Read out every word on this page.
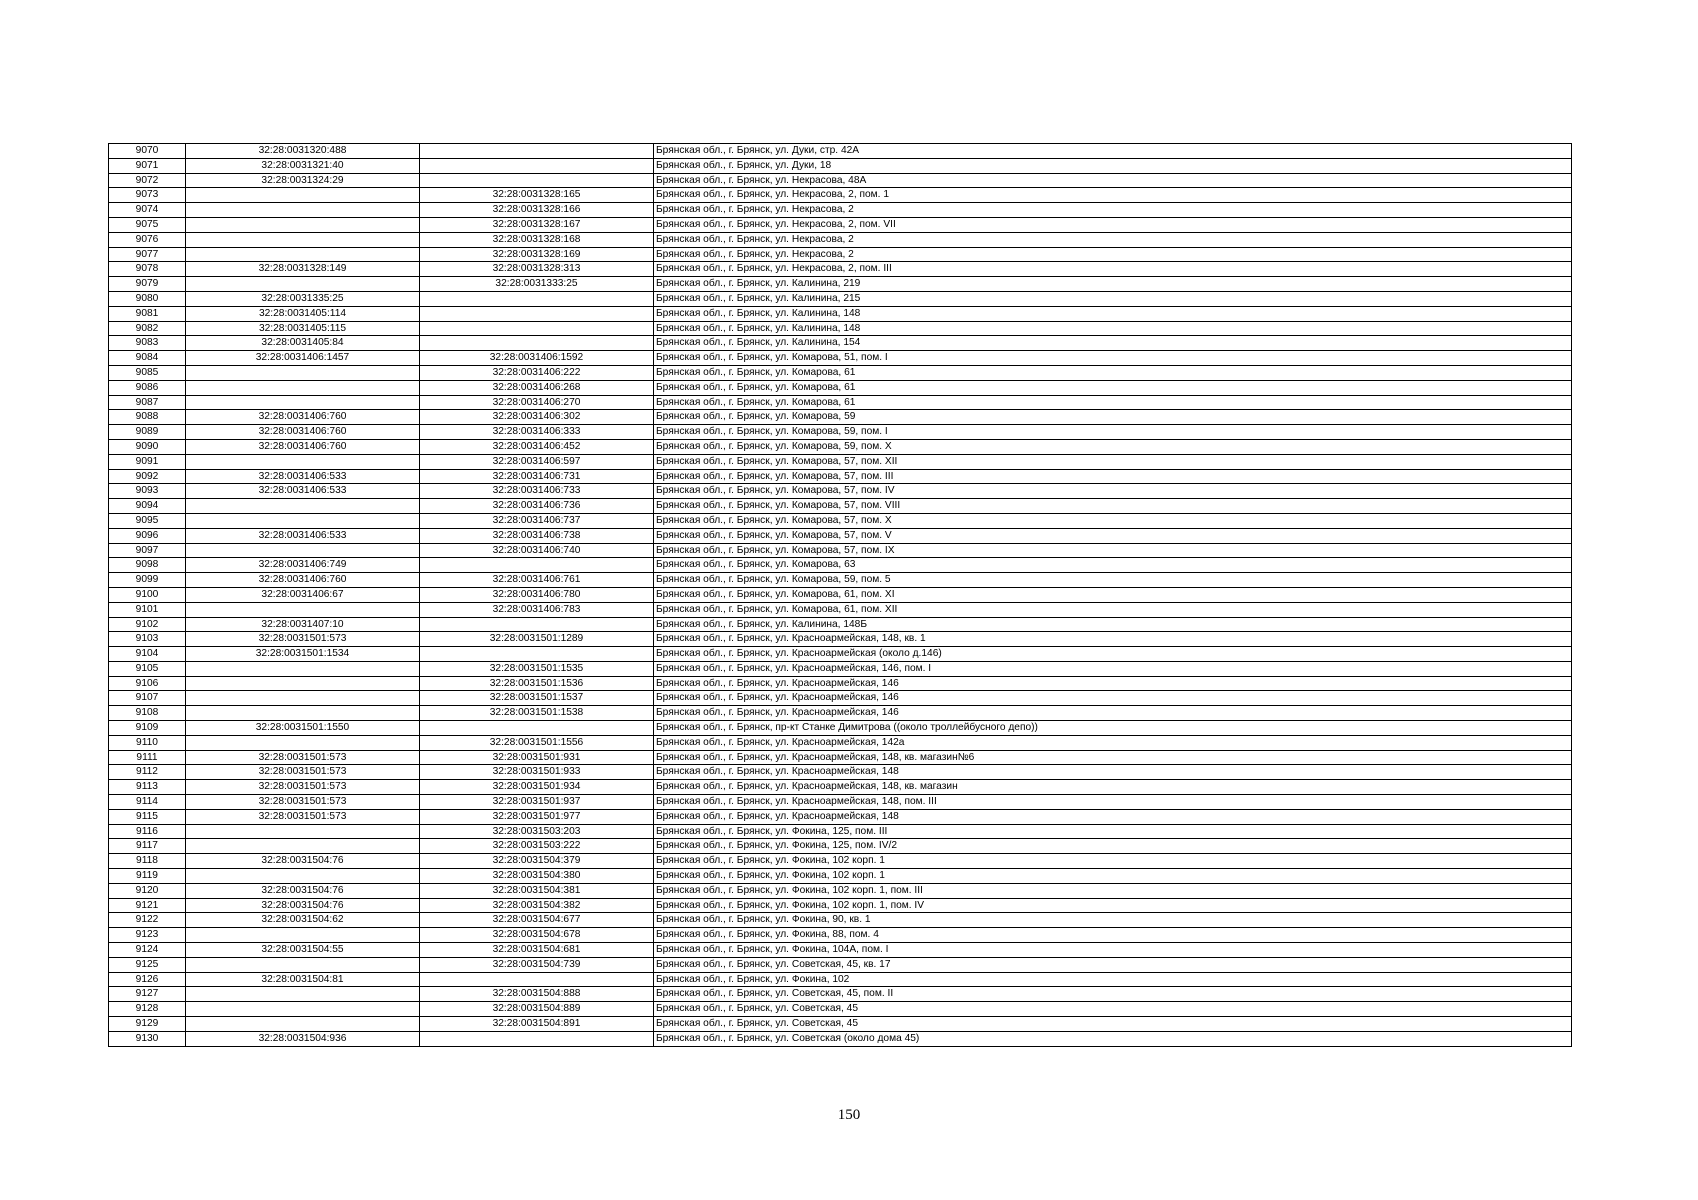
9070	32:28:0031320:488		Брянская обл., г. Брянск, ул. Дуки, стр. 42А
9071	32:28:0031321:40		Брянская обл., г. Брянск, ул. Дуки, 18
9072	32:28:0031324:29		Брянская обл., г. Брянск, ул. Некрасова, 48А
9073		32:28:0031328:165	Брянская обл., г. Брянск, ул. Некрасова, 2, пом. 1
9074		32:28:0031328:166	Брянская обл., г. Брянск, ул. Некрасова, 2
9075		32:28:0031328:167	Брянская обл., г. Брянск, ул. Некрасова, 2, пом. VII
9076		32:28:0031328:168	Брянская обл., г. Брянск, ул. Некрасова, 2
9077		32:28:0031328:169	Брянская обл., г. Брянск, ул. Некрасова, 2
9078	32:28:0031328:149	32:28:0031328:313	Брянская обл., г. Брянск, ул. Некрасова, 2, пом. III
9079		32:28:0031333:25	Брянская обл., г. Брянск, ул. Калинина, 219
9080	32:28:0031335:25		Брянская обл., г. Брянск, ул. Калинина, 215
9081	32:28:0031405:114		Брянская обл., г. Брянск, ул. Калинина, 148
9082	32:28:0031405:115		Брянская обл., г. Брянск, ул. Калинина, 148
9083	32:28:0031405:84		Брянская обл., г. Брянск, ул. Калинина, 154
9084	32:28:0031406:1457	32:28:0031406:1592	Брянская обл., г. Брянск, ул. Комарова, 51, пом. I
9085		32:28:0031406:222	Брянская обл., г. Брянск, ул. Комарова, 61
9086		32:28:0031406:268	Брянская обл., г. Брянск, ул. Комарова, 61
9087		32:28:0031406:270	Брянская обл., г. Брянск, ул. Комарова, 61
9088	32:28:0031406:760	32:28:0031406:302	Брянская обл., г. Брянск, ул. Комарова, 59
9089	32:28:0031406:760	32:28:0031406:333	Брянская обл., г. Брянск, ул. Комарова, 59, пом. I
9090	32:28:0031406:760	32:28:0031406:452	Брянская обл., г. Брянск, ул. Комарова, 59, пом. X
9091		32:28:0031406:597	Брянская обл., г. Брянск, ул. Комарова, 57, пом. XII
9092	32:28:0031406:533	32:28:0031406:731	Брянская обл., г. Брянск, ул. Комарова, 57, пом. III
9093	32:28:0031406:533	32:28:0031406:733	Брянская обл., г. Брянск, ул. Комарова, 57, пом. IV
9094		32:28:0031406:736	Брянская обл., г. Брянск, ул. Комарова, 57, пом. VIII
9095		32:28:0031406:737	Брянская обл., г. Брянск, ул. Комарова, 57, пом. X
9096	32:28:0031406:533	32:28:0031406:738	Брянская обл., г. Брянск, ул. Комарова, 57, пом. V
9097		32:28:0031406:740	Брянская обл., г. Брянск, ул. Комарова, 57, пом. IX
9098	32:28:0031406:749		Брянская обл., г. Брянск, ул. Комарова, 63
9099	32:28:0031406:760	32:28:0031406:761	Брянская обл., г. Брянск, ул. Комарова, 59, пом. 5
9100	32:28:0031406:67	32:28:0031406:780	Брянская обл., г. Брянск, ул. Комарова, 61, пом. XI
9101		32:28:0031406:783	Брянская обл., г. Брянск, ул. Комарова, 61, пом. XII
9102	32:28:0031407:10		Брянская обл., г. Брянск, ул. Калинина, 148Б
9103	32:28:0031501:573	32:28:0031501:1289	Брянская обл., г. Брянск, ул. Красноармейская, 148, кв. 1
9104	32:28:0031501:1534		Брянская обл., г. Брянск, ул. Красноармейская (около д.146)
9105		32:28:0031501:1535	Брянская обл., г. Брянск, ул. Красноармейская, 146, пом. I
9106		32:28:0031501:1536	Брянская обл., г. Брянск, ул. Красноармейская, 146
9107		32:28:0031501:1537	Брянская обл., г. Брянск, ул. Красноармейская, 146
9108		32:28:0031501:1538	Брянская обл., г. Брянск, ул. Красноармейская, 146
9109	32:28:0031501:1550		Брянская обл., г. Брянск, пр-кт Станке Димитрова ((около троллейбусного депо))
9110		32:28:0031501:1556	Брянская обл., г. Брянск, ул. Красноармейская, 142а
9111	32:28:0031501:573	32:28:0031501:931	Брянская обл., г. Брянск, ул. Красноармейская, 148, кв. магазин№6
9112	32:28:0031501:573	32:28:0031501:933	Брянская обл., г. Брянск, ул. Красноармейская, 148
9113	32:28:0031501:573	32:28:0031501:934	Брянская обл., г. Брянск, ул. Красноармейская, 148, кв. магазин
9114	32:28:0031501:573	32:28:0031501:937	Брянская обл., г. Брянск, ул. Красноармейская, 148, пом. III
9115	32:28:0031501:573	32:28:0031501:977	Брянская обл., г. Брянск, ул. Красноармейская, 148
9116		32:28:0031503:203	Брянская обл., г. Брянск, ул. Фокина, 125, пом. III
9117		32:28:0031503:222	Брянская обл., г. Брянск, ул. Фокина, 125, пом. IV/2
9118	32:28:0031504:76	32:28:0031504:379	Брянская обл., г. Брянск, ул. Фокина, 102 корп. 1
9119		32:28:0031504:380	Брянская обл., г. Брянск, ул. Фокина, 102 корп. 1
9120	32:28:0031504:76	32:28:0031504:381	Брянская обл., г. Брянск, ул. Фокина, 102 корп. 1, пом. III
9121	32:28:0031504:76	32:28:0031504:382	Брянская обл., г. Брянск, ул. Фокина, 102 корп. 1, пом. IV
9122	32:28:0031504:62	32:28:0031504:677	Брянская обл., г. Брянск, ул. Фокина, 90, кв. 1
9123		32:28:0031504:678	Брянская обл., г. Брянск, ул. Фокина, 88, пом. 4
9124	32:28:0031504:55	32:28:0031504:681	Брянская обл., г. Брянск, ул. Фокина, 104А, пом. I
9125		32:28:0031504:739	Брянская обл., г. Брянск, ул. Советская, 45, кв. 17
9126	32:28:0031504:81		Брянская обл., г. Брянск, ул. Фокина, 102
9127		32:28:0031504:888	Брянская обл., г. Брянск, ул. Советская, 45, пом. II
9128		32:28:0031504:889	Брянская обл., г. Брянск, ул. Советская, 45
9129		32:28:0031504:891	Брянская обл., г. Брянск, ул. Советская, 45
9130	32:28:0031504:936		Брянская обл., г. Брянск, ул. Советская (около дома 45)
150
